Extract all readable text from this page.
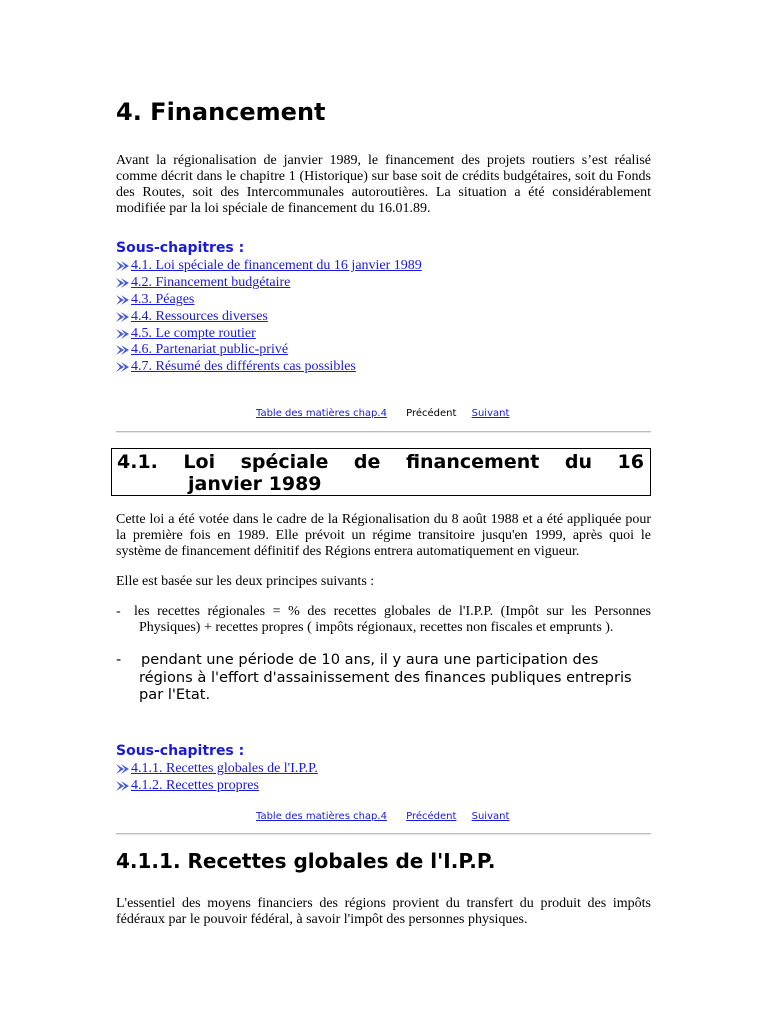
4. Financement
Avant la régionalisation de janvier 1989, le financement des projets routiers s’est réalisé comme décrit dans le chapitre 1 (Historique) sur base soit de crédits budgétaires, soit du Fonds des Routes, soit des Intercommunales autoroutières. La situation a été considérablement modifiée par la loi spéciale de financement du 16.01.89.
Sous-chapitres :
4.1. Loi spéciale de financement du 16 janvier 1989
4.2. Financement budgétaire
4.3. Péages
4.4. Ressources diverses
4.5. Le compte routier
4.6. Partenariat public-privé
4.7. Résumé des différents cas possibles
Table des matières chap.4 Précédent Suivant
4.1. Loi spéciale de financement du 16
janvier 1989
Cette loi a été votée dans le cadre de la Régionalisation du 8 août 1988 et a été appliquée pour la première fois en 1989. Elle prévoit un régime transitoire jusqu'en 1999, après quoi le système de financement définitif des Régions entrera automatiquement en vigueur.
Elle est basée sur les deux principes suivants :
- les recettes régionales = % des recettes globales de l'I.P.P. (Impôt sur les Personnes Physiques) + recettes propres ( impôts régionaux, recettes non fiscales et emprunts ).
-	pendant une période de 10 ans, il y aura une participation des régions à l'effort d'assainissement des finances publiques entrepris par l'Etat.
Sous-chapitres :
4.1.1. Recettes globales de l'I.P.P.
4.1.2. Recettes propres
Table des matières chap.4 Précédent Suivant
4.1.1. Recettes globales de l'I.P.P.
L'essentiel des moyens financiers des régions provient du transfert du produit des impôts fédéraux par le pouvoir fédéral, à savoir l'impôt des personnes physiques.
